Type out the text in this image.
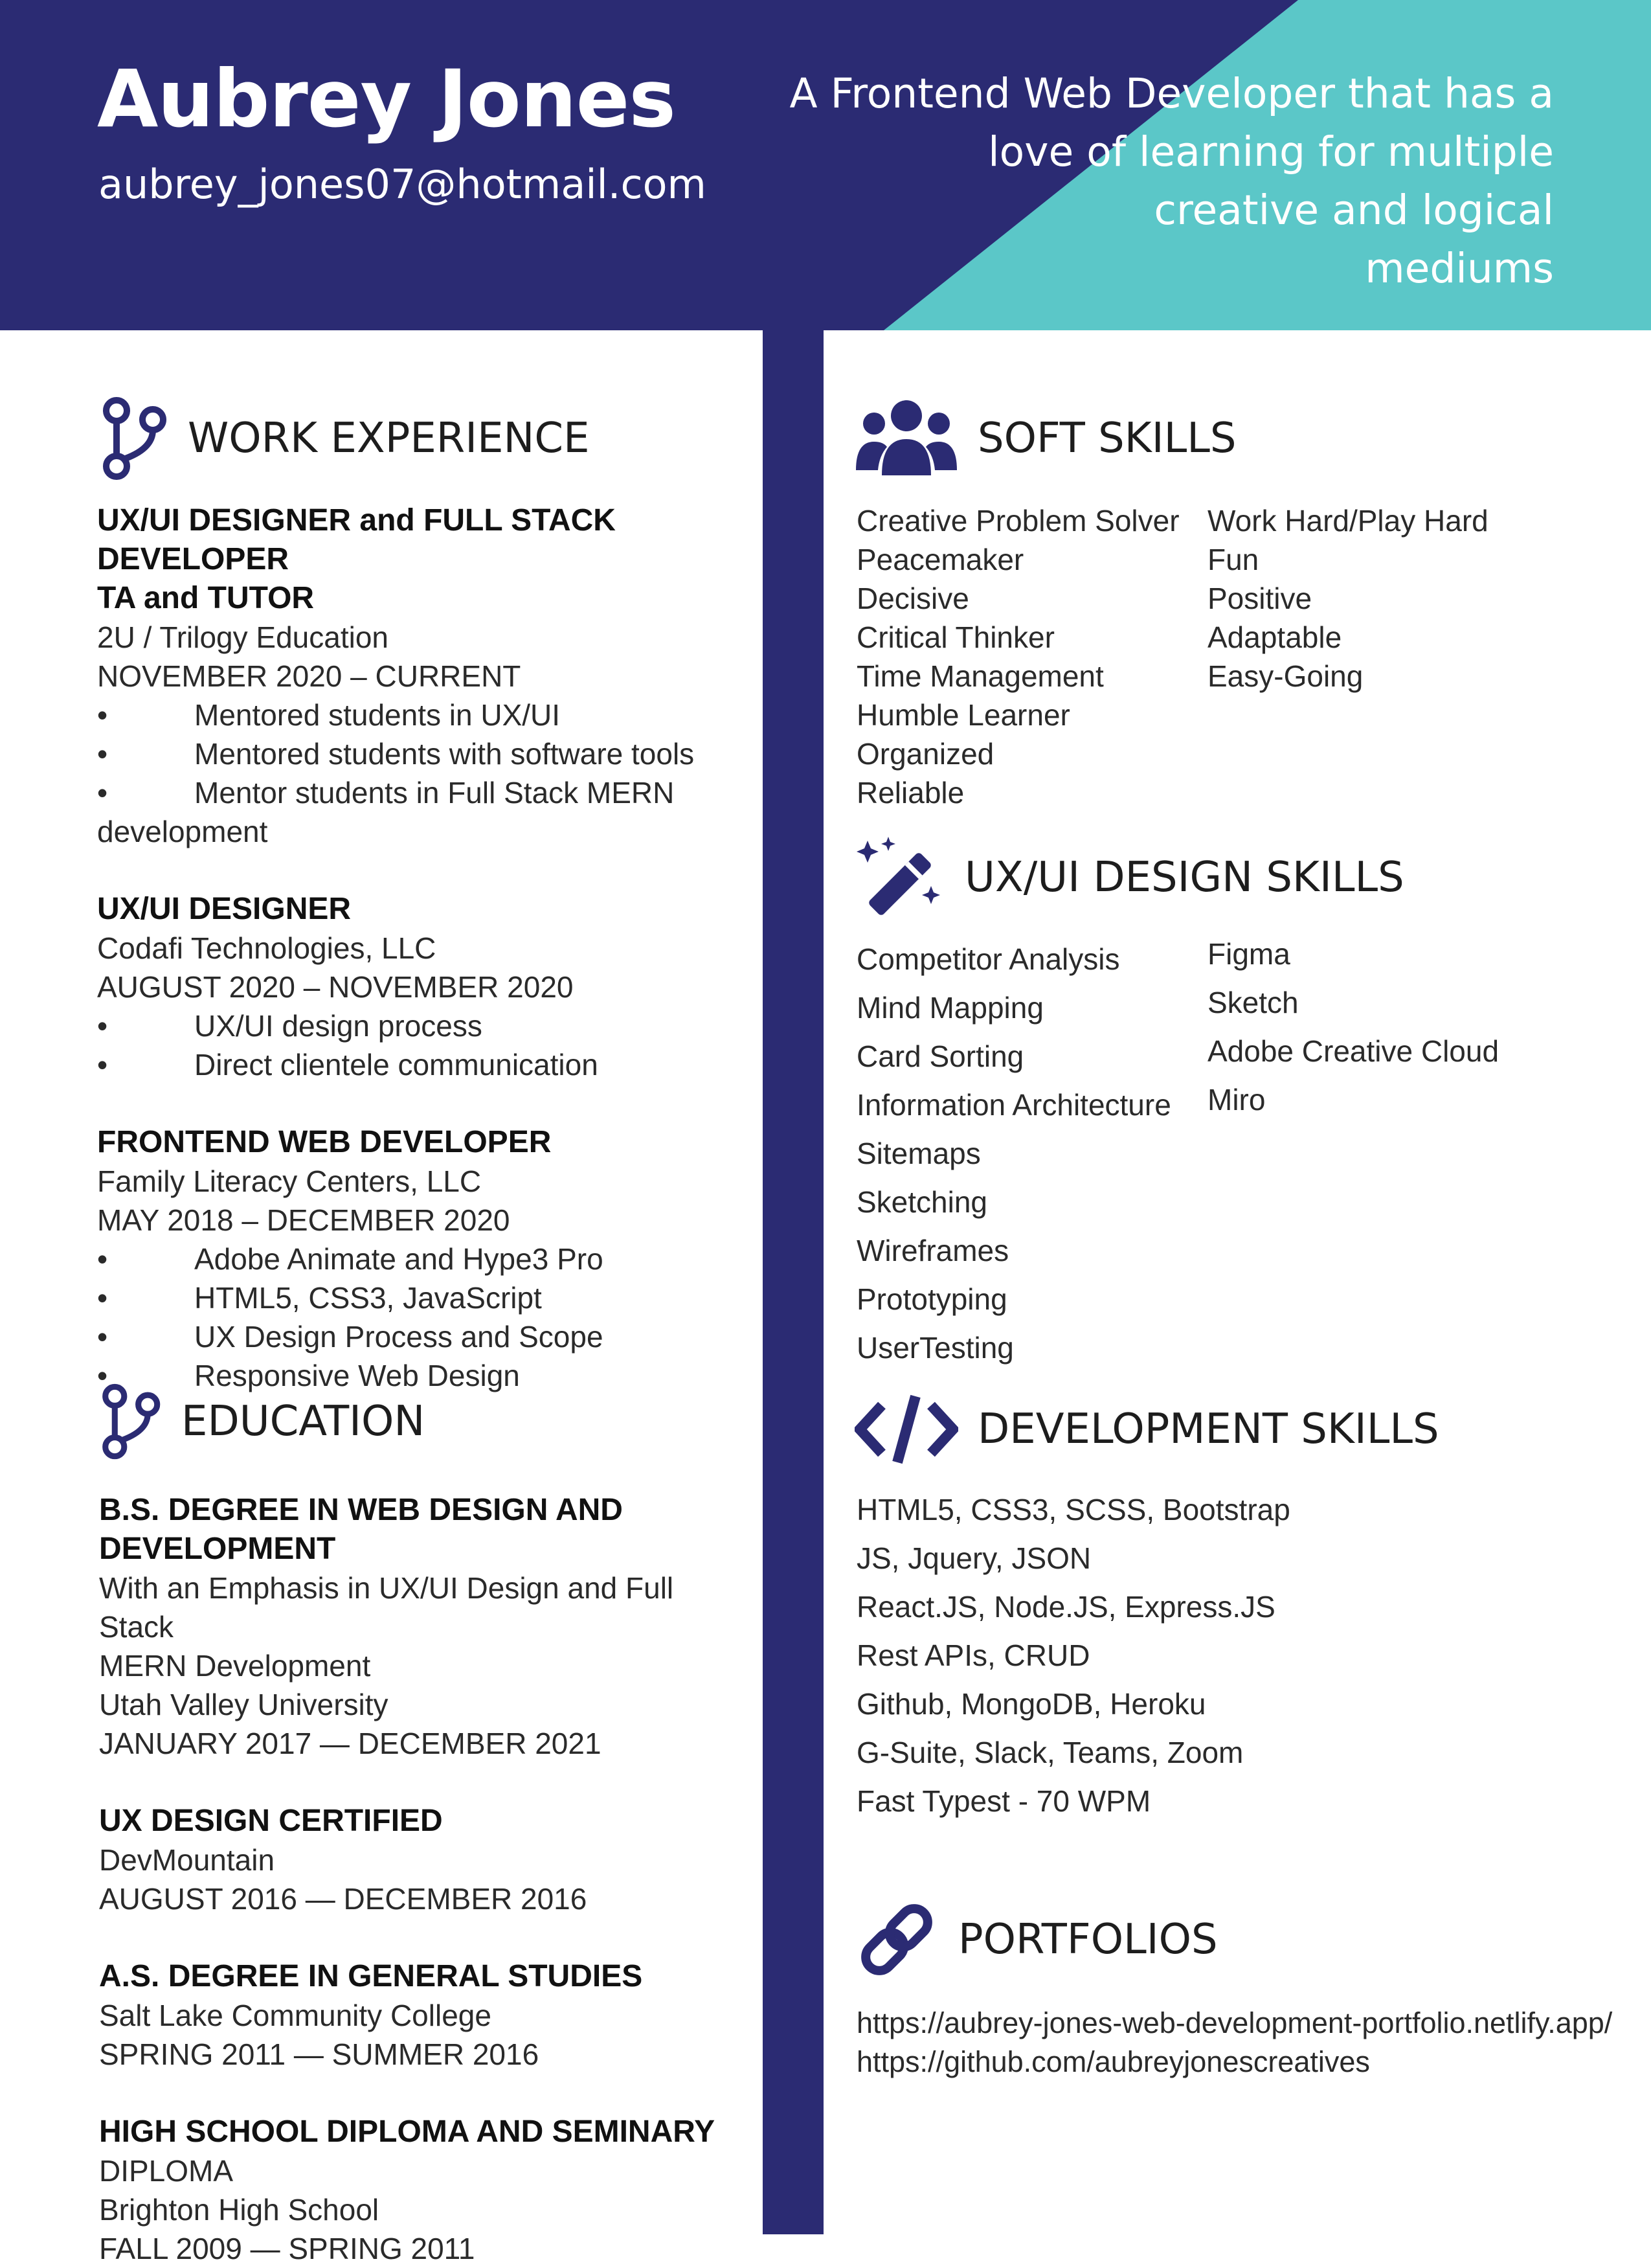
Aubrey Jones
aubrey_jones07@hotmail.com
A Frontend Web Developer that has a
love of learning for multiple
creative and logical
mediums
WORK EXPERIENCE
UX/UI DESIGNER and FULL STACK DEVELOPER
TA and TUTOR
2U / Trilogy Education
NOVEMBER 2020 – CURRENT
•	Mentored students in UX/UI
•	Mentored students with software tools
•	Mentor students in Full Stack MERN
development
UX/UI DESIGNER
Codafi Technologies, LLC
AUGUST 2020 – NOVEMBER 2020
•	UX/UI design process
•	Direct clientele communication
FRONTEND WEB DEVELOPER
Family Literacy Centers, LLC
MAY 2018 – DECEMBER 2020
•	Adobe Animate and Hype3 Pro
•	HTML5, CSS3, JavaScript
•	UX Design Process and Scope
•	Responsive Web Design
EDUCATION
B.S. DEGREE IN WEB DESIGN AND DEVELOPMENT
With an Emphasis in UX/UI Design and Full Stack
MERN Development
Utah Valley University
JANUARY 2017 — DECEMBER 2021
UX DESIGN CERTIFIED
DevMountain
AUGUST 2016 — DECEMBER 2016
A.S. DEGREE IN GENERAL STUDIES
Salt Lake Community College
SPRING 2011 — SUMMER 2016
HIGH SCHOOL DIPLOMA AND SEMINARY
DIPLOMA
Brighton High School
FALL 2009 — SPRING 2011
SOFT SKILLS
Creative Problem Solver
Peacemaker
Decisive
Critical Thinker
Time Management
Humble Learner
Organized
Reliable
Work Hard/Play Hard
Fun
Positive
Adaptable
Easy-Going
UX/UI DESIGN SKILLS
Competitor Analysis
Mind Mapping
Card Sorting
Information Architecture
Sitemaps
Sketching
Wireframes
Prototyping
UserTesting
Figma
Sketch
Adobe Creative Cloud
Miro
DEVELOPMENT SKILLS
HTML5, CSS3, SCSS, Bootstrap
JS, Jquery, JSON
React.JS, Node.JS, Express.JS
Rest APIs, CRUD
Github, MongoDB, Heroku
G-Suite, Slack, Teams, Zoom
Fast Typest - 70 WPM
PORTFOLIOS
https://aubrey-jones-web-development-portfolio.netlify.app/
https://github.com/aubreyjonescreatives
